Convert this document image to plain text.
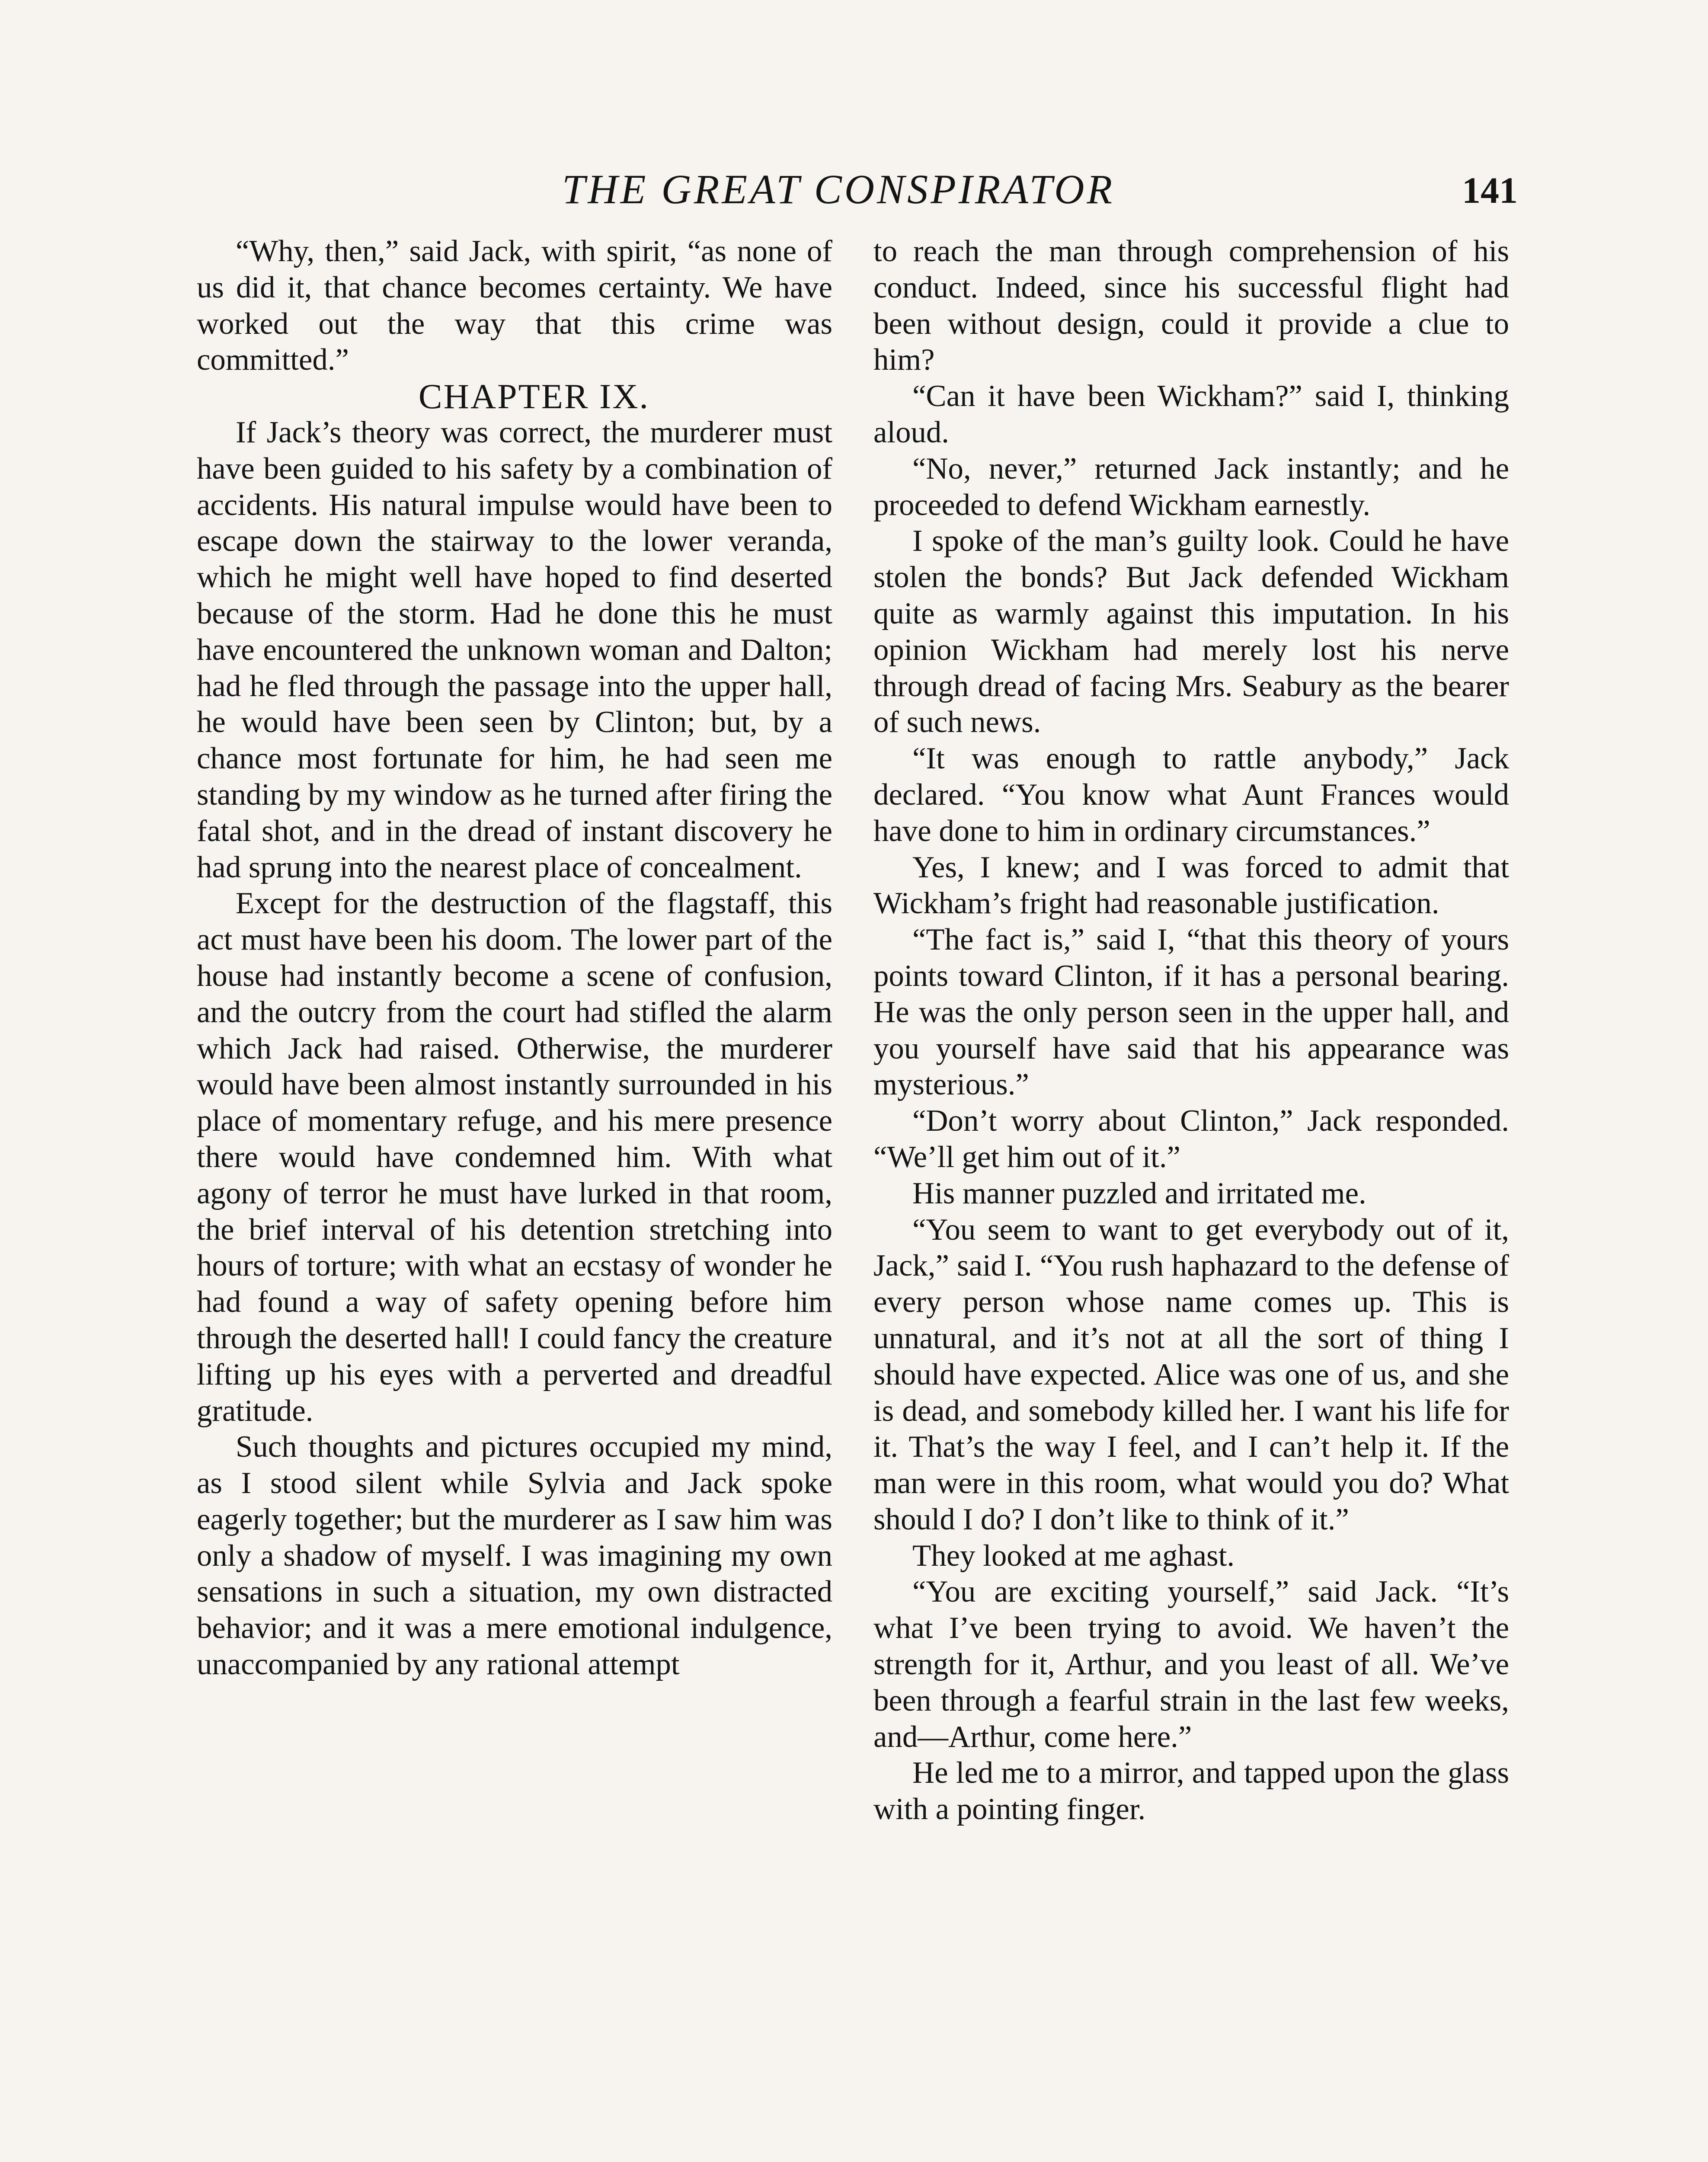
THE GREAT CONSPIRATOR	141

“Why, then,” said Jack, with spirit, “as none of us did it, that chance becomes certainty. We have worked out the way that this crime was committed.”

CHAPTER IX.

If Jack’s theory was correct, the murderer must have been guided to his safety by a combination of accidents. His natural impulse would have been to escape down the stairway to the lower veranda, which he might well have hoped to find deserted because of the storm. Had he done this he must have encountered the unknown woman and Dalton; had he fled through the passage into the upper hall, he would have been seen by Clinton; but, by a chance most fortunate for him, he had seen me standing by my window as he turned after firing the fatal shot, and in the dread of instant discovery he had sprung into the nearest place of concealment.

Except for the destruction of the flagstaff, this act must have been his doom. The lower part of the house had instantly become a scene of confusion, and the outcry from the court had stifled the alarm which Jack had raised. Otherwise, the murderer would have been almost instantly surrounded in his place of momentary refuge, and his mere presence there would have condemned him. With what agony of terror he must have lurked in that room, the brief interval of his detention stretching into hours of torture; with what an ecstasy of wonder he had found a way of safety opening before him through the deserted hall! I could fancy the creature lifting up his eyes with a perverted and dreadful gratitude.

Such thoughts and pictures occupied my mind, as I stood silent while Sylvia and Jack spoke eagerly together; but the murderer as I saw him was only a shadow of myself. I was imagining my own sensations in such a situation, my own distracted behavior; and it was a mere emotional indulgence, unaccompanied by any rational attempt

to reach the man through comprehension of his conduct. Indeed, since his successful flight had been without design, could it provide a clue to him?

“Can it have been Wickham?” said I, thinking aloud.

“No, never,” returned Jack instantly; and he proceeded to defend Wickham earnestly.

I spoke of the man’s guilty look. Could he have stolen the bonds? But Jack defended Wickham quite as warmly against this imputation. In his opinion Wickham had merely lost his nerve through dread of facing Mrs. Seabury as the bearer of such news.

“It was enough to rattle anybody,” Jack declared. “You know what Aunt Frances would have done to him in ordinary circumstances.”

Yes, I knew; and I was forced to admit that Wickham’s fright had reasonable justification.

“The fact is,” said I, “that this theory of yours points toward Clinton, if it has a personal bearing. He was the only person seen in the upper hall, and you yourself have said that his appearance was mysterious.”

“Don’t worry about Clinton,” Jack responded. “We’ll get him out of it.”

His manner puzzled and irritated me.

“You seem to want to get everybody out of it, Jack,” said I. “You rush haphazard to the defense of every person whose name comes up. This is unnatural, and it’s not at all the sort of thing I should have expected. Alice was one of us, and she is dead, and somebody killed her. I want his life for it. That’s the way I feel, and I can’t help it. If the man were in this room, what would you do? What should I do? I don’t like to think of it.”

They looked at me aghast.

“You are exciting yourself,” said Jack. “It’s what I’ve been trying to avoid. We haven’t the strength for it, Arthur, and you least of all. We’ve been through a fearful strain in the last few weeks, and—Arthur, come here.”

He led me to a mirror, and tapped upon the glass with a pointing finger.
